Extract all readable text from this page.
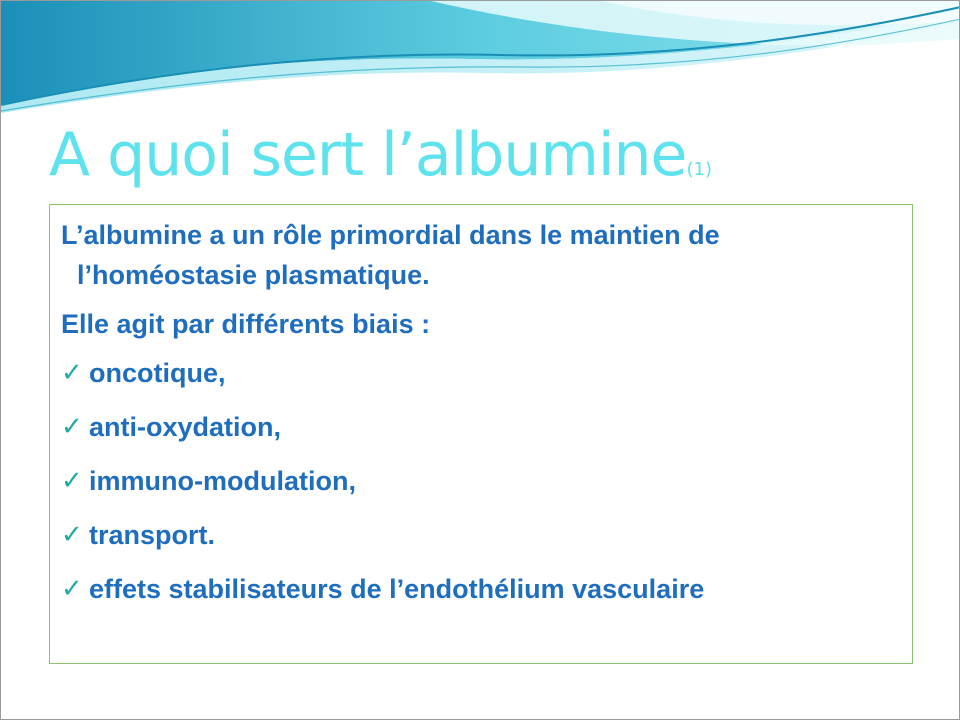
A quoi sert l’albumine(1)

L’albumine a un rôle primordial dans le maintien de l’homéostasie plasmatique.

Elle agit par différents biais :

✓ oncotique,
✓ anti-oxydation,
✓ immuno-modulation,
✓ transport.
✓ effets stabilisateurs de l’endothélium vasculaire
